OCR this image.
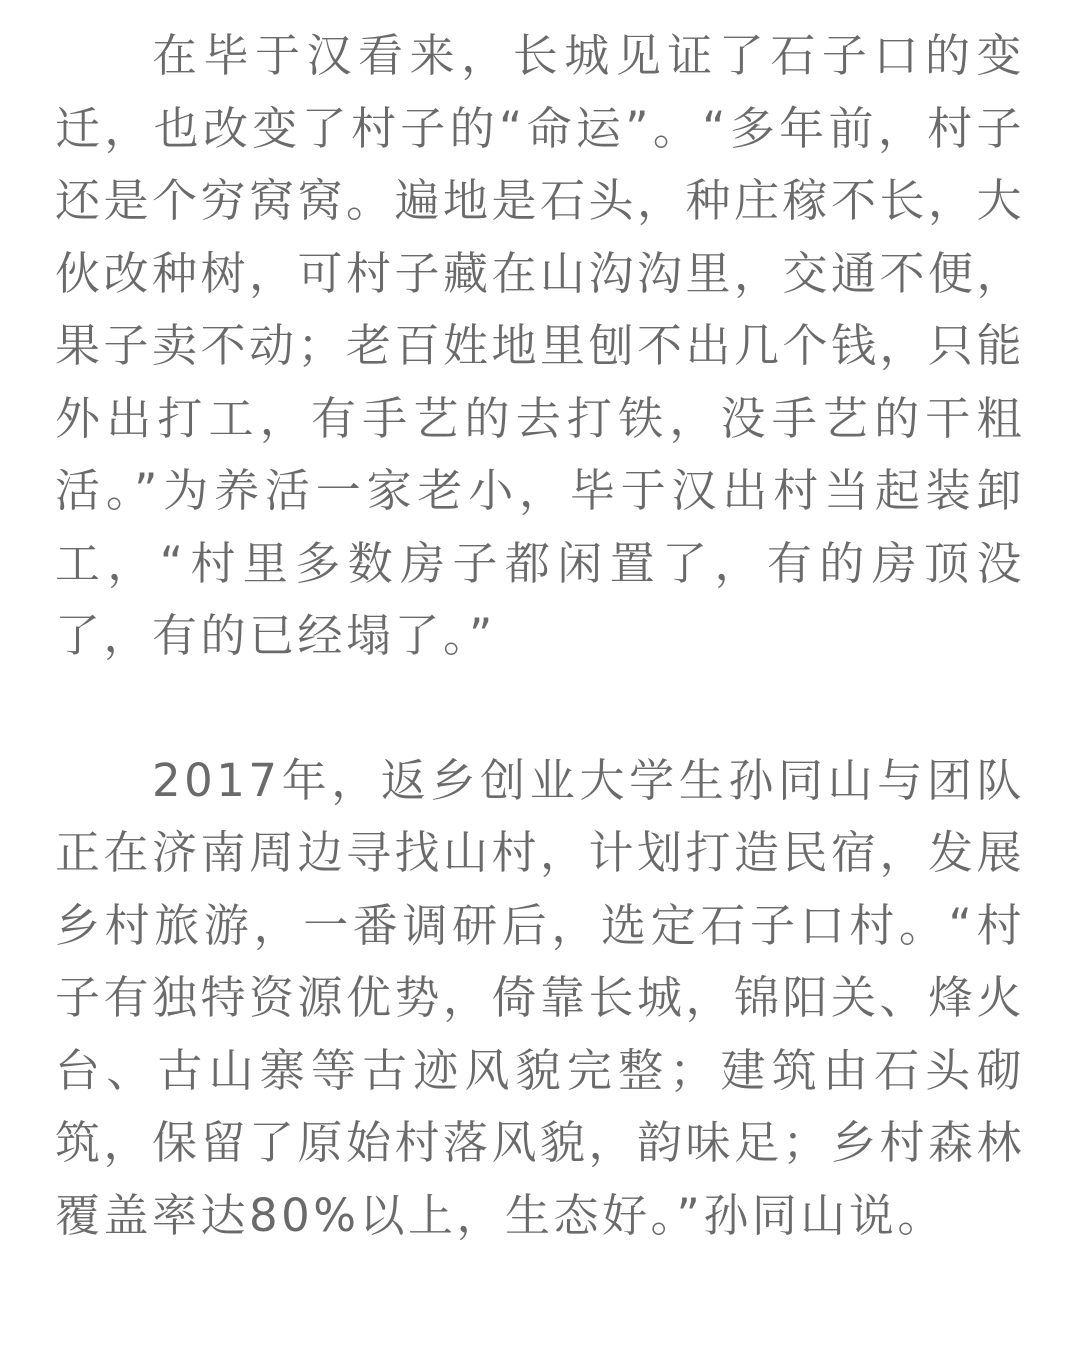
在毕于汉看来，长城见证了石子口的变迁，也改变了村子的“命运”。“多年前，村子还是个穷窝窝。遍地是石头，种庄稼不长，大伙改种树，可村子藏在山沟沟里，交通不便，果子卖不动；老百姓地里刨不出几个钱，只能外出打工，有手艺的去打铁，没手艺的干粗活。”为养活一家老小，毕于汉出村当起装卸工，“村里多数房子都闲置了，有的房顶没了，有的已经塌了。”

2017年，返乡创业大学生孙同山与团队正在济南周边寻找山村，计划打造民宿，发展乡村旅游，一番调研后，选定石子口村。“村子有独特资源优势，倚靠长城，锦阳关、烽火台、古山寨等古迹风貌完整；建筑由石头砌筑，保留了原始村落风貌，韵味足；乡村森林覆盖率达80%以上，生态好。”孙同山说。
